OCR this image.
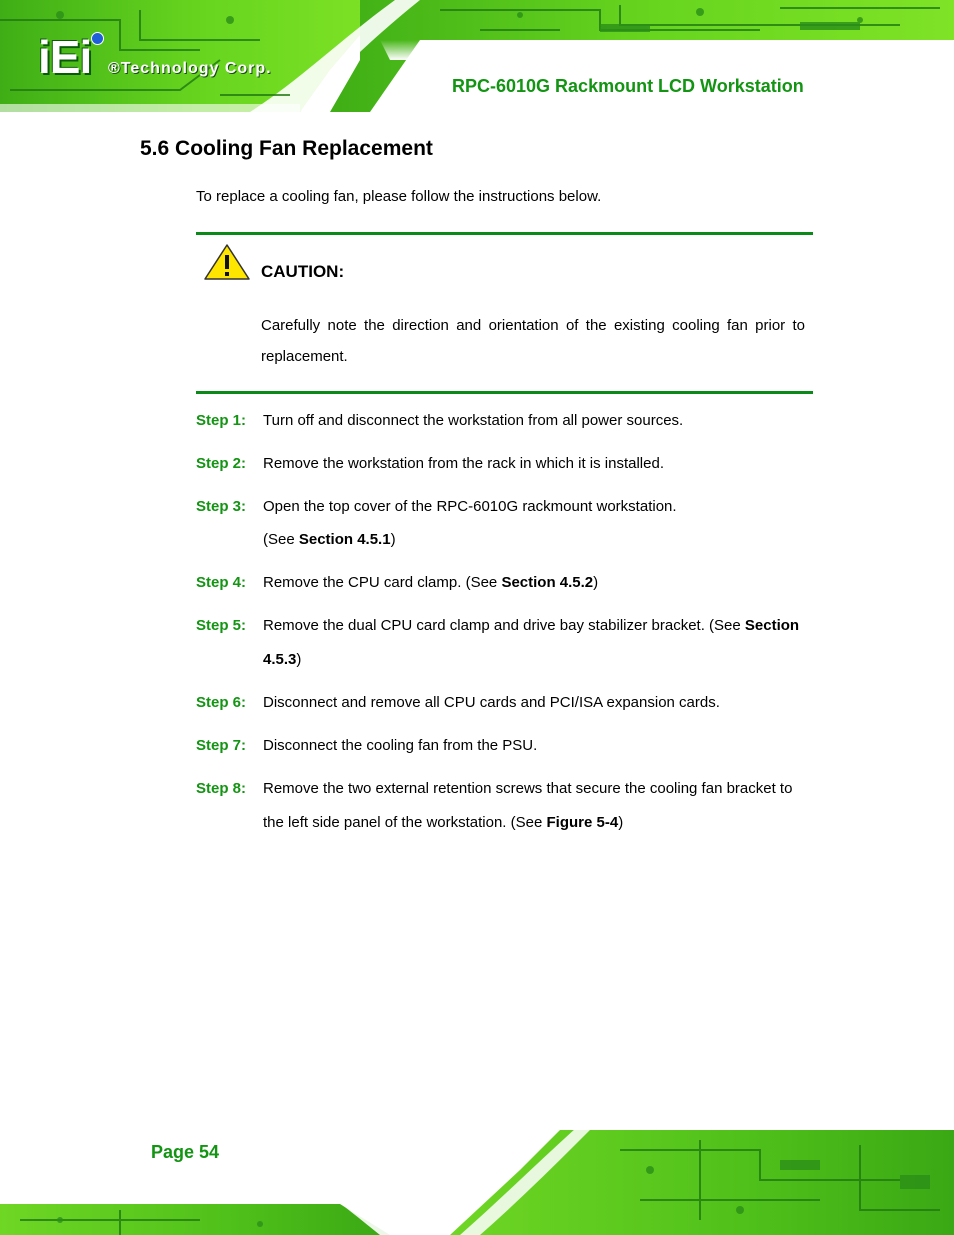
iEi ®Technology Corp.
RPC-6010G Rackmount LCD Workstation
5.6 Cooling Fan Replacement
To replace a cooling fan, please follow the instructions below.
CAUTION:
Carefully note the direction and orientation of the existing cooling fan prior to replacement.
Step 1: Turn off and disconnect the workstation from all power sources.
Step 2: Remove the workstation from the rack in which it is installed.
Step 3: Open the top cover of the RPC-6010G rackmount workstation.
(See Section 4.5.1)
Step 4: Remove the CPU card clamp. (See Section 4.5.2)
Step 5: Remove the dual CPU card clamp and drive bay stabilizer bracket. (See Section 4.5.3)
Step 6: Disconnect and remove all CPU cards and PCI/ISA expansion cards.
Step 7: Disconnect the cooling fan from the PSU.
Step 8: Remove the two external retention screws that secure the cooling fan bracket to the left side panel of the workstation. (See Figure 5-4)
Page 54
